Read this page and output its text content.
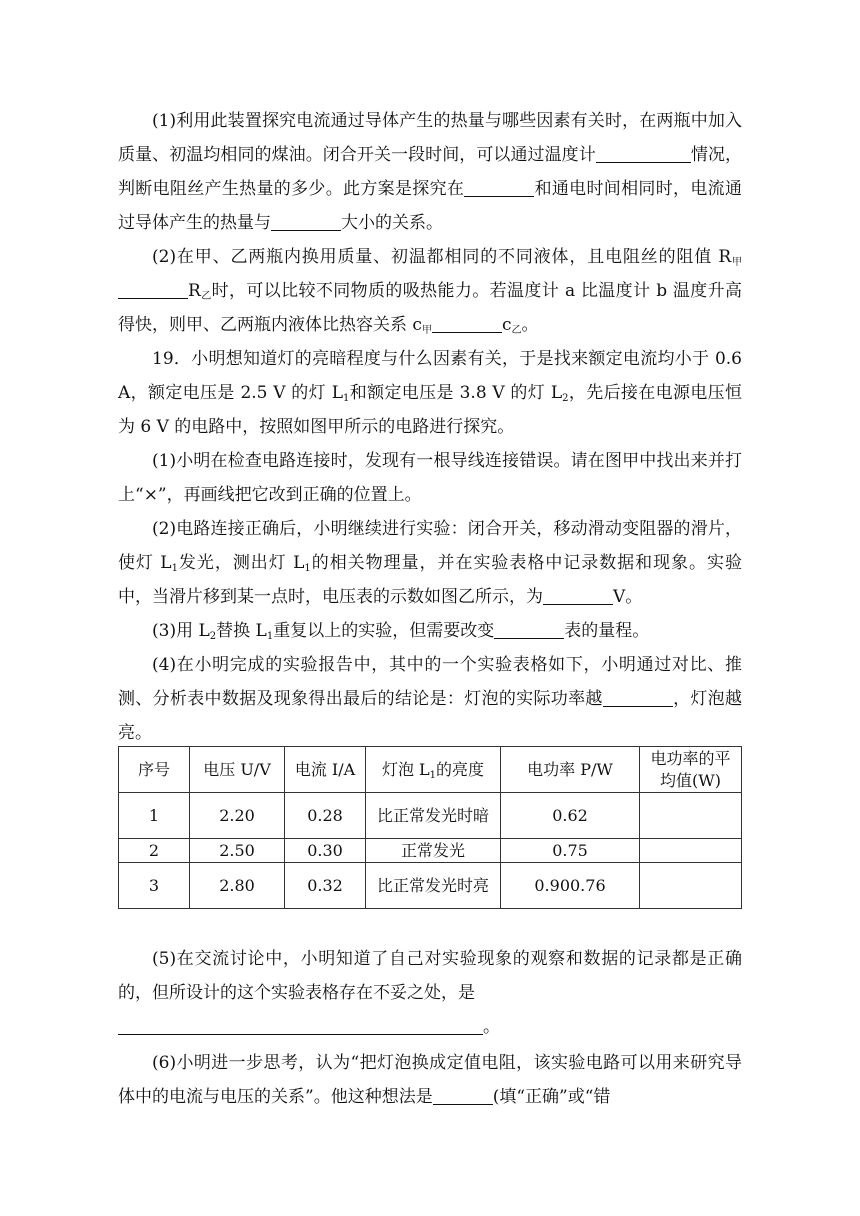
(1)利用此装置探究电流通过导体产生的热量与哪些因素有关时，在两瓶中加入质量、初温均相同的煤油。闭合开关一段时间，可以通过温度计	情况，判断电阻丝产生热量的多少。此方案是探究在	和通电时间相同时，电流通过导体产生的热量与	大小的关系。

(2)在甲、乙两瓶内换用质量、初温都相同的不同液体，且电阻丝的阻值 $R_甲$ $R_乙$时，可以比较不同物质的吸热能力。若温度计 a 比温度计 b 温度升高得快，则甲、乙两瓶内液体比热容关系 $c_甲$	$c_乙$。

19．小明想知道灯的亮暗程度与什么因素有关，于是找来额定电流均小于 0.6 A，额定电压是 2.5 V 的灯 $L_1$和额定电压是 3.8 V 的灯 $L_2$，先后接在电源电压恒为 6 V 的电路中，按照如图甲所示的电路进行探究。

(1)小明在检查电路连接时，发现有一根导线连接错误。请在图甲中找出来并打上“×”，再画线把它改到正确的位置上。

(2)电路连接正确后，小明继续进行实验：闭合开关，移动滑动变阻器的滑片，使灯 $L_1$发光，测出灯 $L_1$的相关物理量，并在实验表格中记录数据和现象。实验中，当滑片移到某一点时，电压表的示数如图乙所示，为	V。

(3)用 $L_2$替换 $L_1$重复以上的实验，但需要改变	表的量程。

(4)在小明完成的实验报告中，其中的一个实验表格如下，小明通过对比、推测、分析表中数据及现象得出最后的结论是：灯泡的实际功率越	，灯泡越亮。

序号	电压 U/V	电流 I/A	灯泡 $L_1$的亮度	电功率 P/W	电功率的平均值(W)
1	2.20	0.28	比正常发光时暗	0.62	
2	2.50	0.30	正常发光	0.75	
3	2.80	0.32	比正常发光时亮	0.900.76	

(5)在交流讨论中，小明知道了自己对实验现象的观察和数据的记录都是正确的，但所设计的这个实验表格存在不妥之处，是
。

(6)小明进一步思考，认为“把灯泡换成定值电阻，该实验电路可以用来研究导体中的电流与电压的关系”。他这种想法是	(填“正确”或“错
